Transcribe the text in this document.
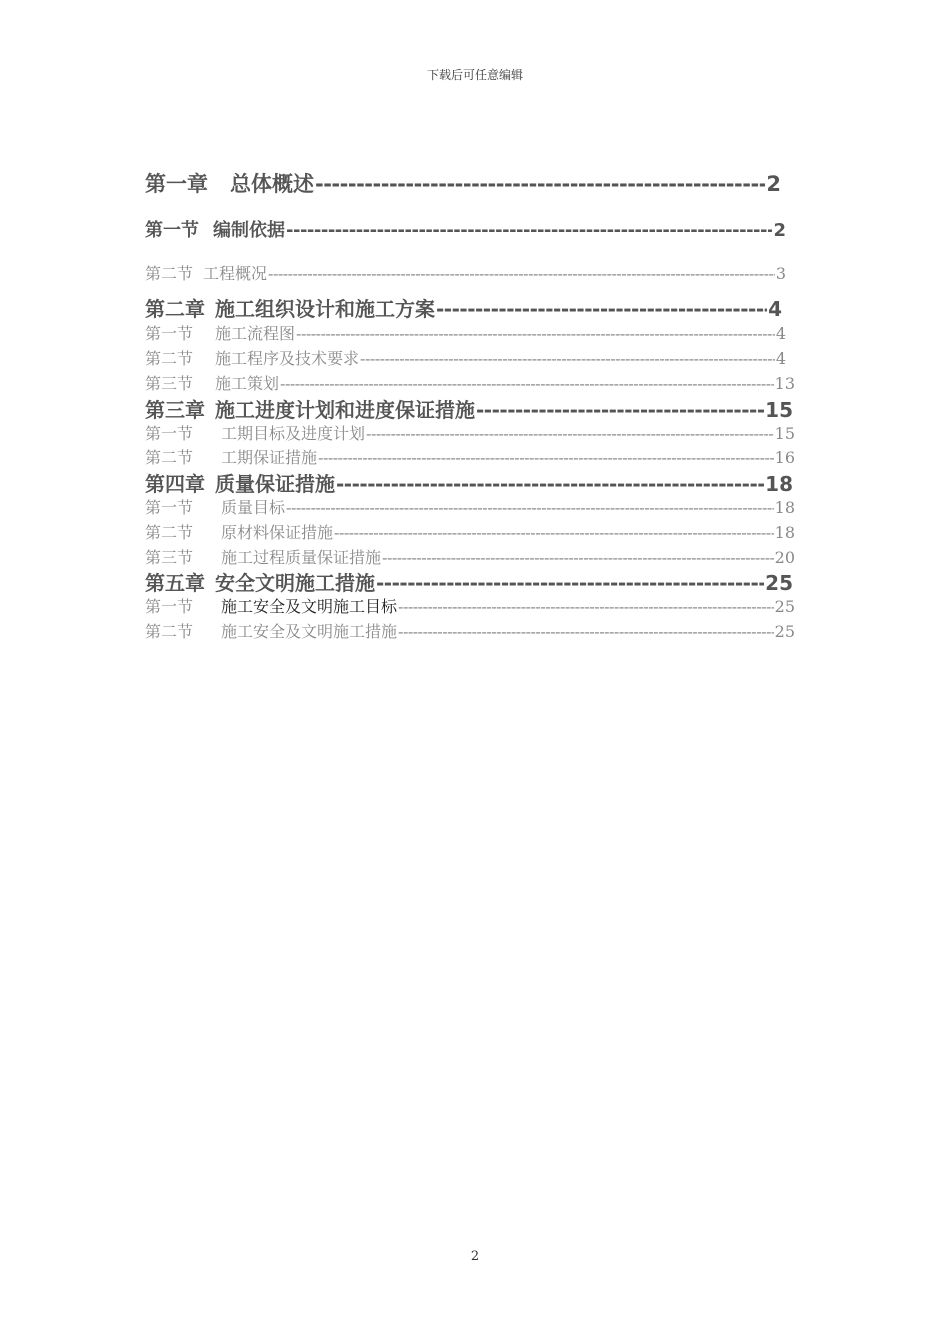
下载后可任意编辑
第一章 总体概述 -----	2
第一节 编制依据 -----	2
第二节 工程概况 -----	3
第二章 施工组织设计和施工方案 -----	4
第一节 施工流程图 -----	4
第二节 施工程序及技术要求 -----	4
第三节 施工策划 -----	13
第三章 施工进度计划和进度保证措施 -----	15
第一节 工期目标及进度计划 -----	15
第二节 工期保证措施 -----	16
第四章 质量保证措施 -----	18
第一节 质量目标 -----	18
第二节 原材料保证措施 -----	18
第三节 施工过程质量保证措施 -----	20
第五章 安全文明施工措施 -----	25
第一节 施工安全及文明施工目标 -----	25
第二节 施工安全及文明施工措施 -----	25
2
